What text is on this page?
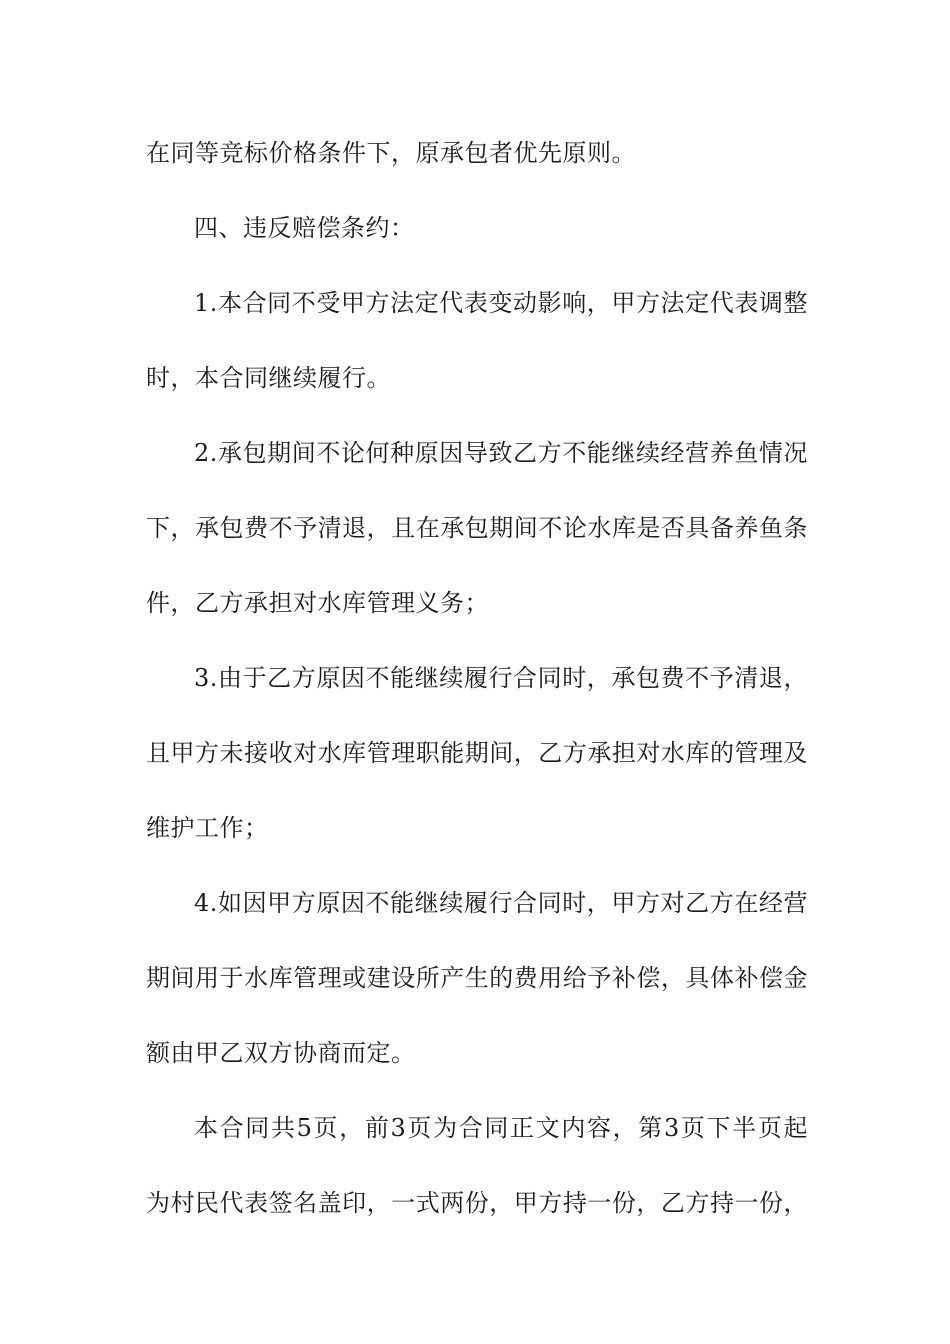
在同等竞标价格条件下，原承包者优先原则。
四、违反赔偿条约：
1.本合同不受甲方法定代表变动影响，甲方法定代表调整
时，本合同继续履行。
2.承包期间不论何种原因导致乙方不能继续经营养鱼情况
下，承包费不予清退，且在承包期间不论水库是否具备养鱼条
件，乙方承担对水库管理义务；
3.由于乙方原因不能继续履行合同时，承包费不予清退，
且甲方未接收对水库管理职能期间，乙方承担对水库的管理及
维护工作；
4.如因甲方原因不能继续履行合同时，甲方对乙方在经营
期间用于水库管理或建设所产生的费用给予补偿，具体补偿金
额由甲乙双方协商而定。
本合同共5页，前3页为合同正文内容，第3页下半页起
为村民代表签名盖印，一式两份，甲方持一份，乙方持一份，
